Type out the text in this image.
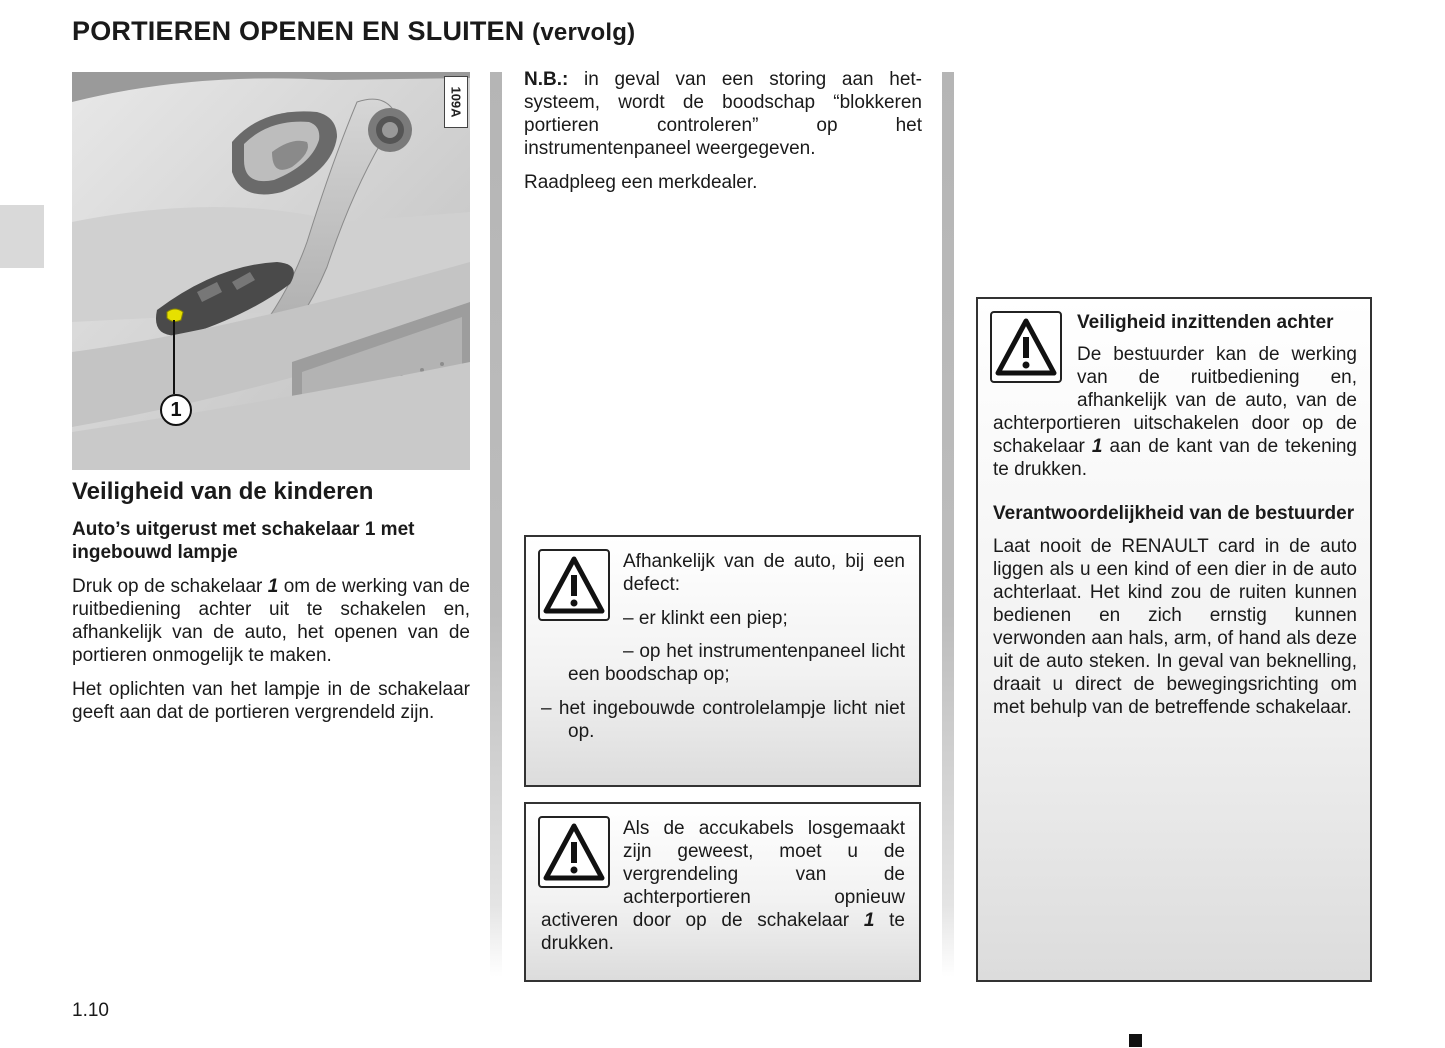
PORTIEREN OPENEN EN SLUITEN (vervolg)
109A
1

Veiligheid van de kinderen

Auto’s uitgerust met schakelaar 1 met ingebouwd lampje

Druk op de schakelaar 1 om de werking van de ruitbediening achter uit te schakelen en, afhankelijk van de auto, het openen van de portieren onmogelijk te maken.

Het oplichten van het lampje in de schakelaar geeft aan dat de portieren vergrendeld zijn.

N.B.: in geval van een storing aan het-systeem, wordt de boodschap “blokkeren portieren controleren” op het instrumentenpaneel weergegeven.

Raadpleeg een merkdealer.

Afhankelijk van de auto, bij een defect:
– er klinkt een piep;
– op het instrumentenpaneel licht een boodschap op;
– het ingebouwde controlelampje licht niet op.
Als de accukabels losgemaakt zijn geweest, moet u de vergrendeling van de achterportieren opnieuw activeren door op de schakelaar 1 te drukken.
Veiligheid inzittenden achter
De bestuurder kan de werking van de ruitbediening en, afhankelijk van de auto, van de achterportieren uitschakelen door op de schakelaar 1 aan de kant van de tekening te drukken.
Verantwoordelijkheid van de bestuurder
Laat nooit de RENAULT card in de auto liggen als u een kind of een dier in de auto achterlaat. Het kind zou de ruiten kunnen bedienen en zich ernstig kunnen verwonden aan hals, arm, of hand als deze uit de auto steken. In geval van beknelling, draait u direct de bewegingsrichting om met behulp van de betreffende schakelaar.
1.10
